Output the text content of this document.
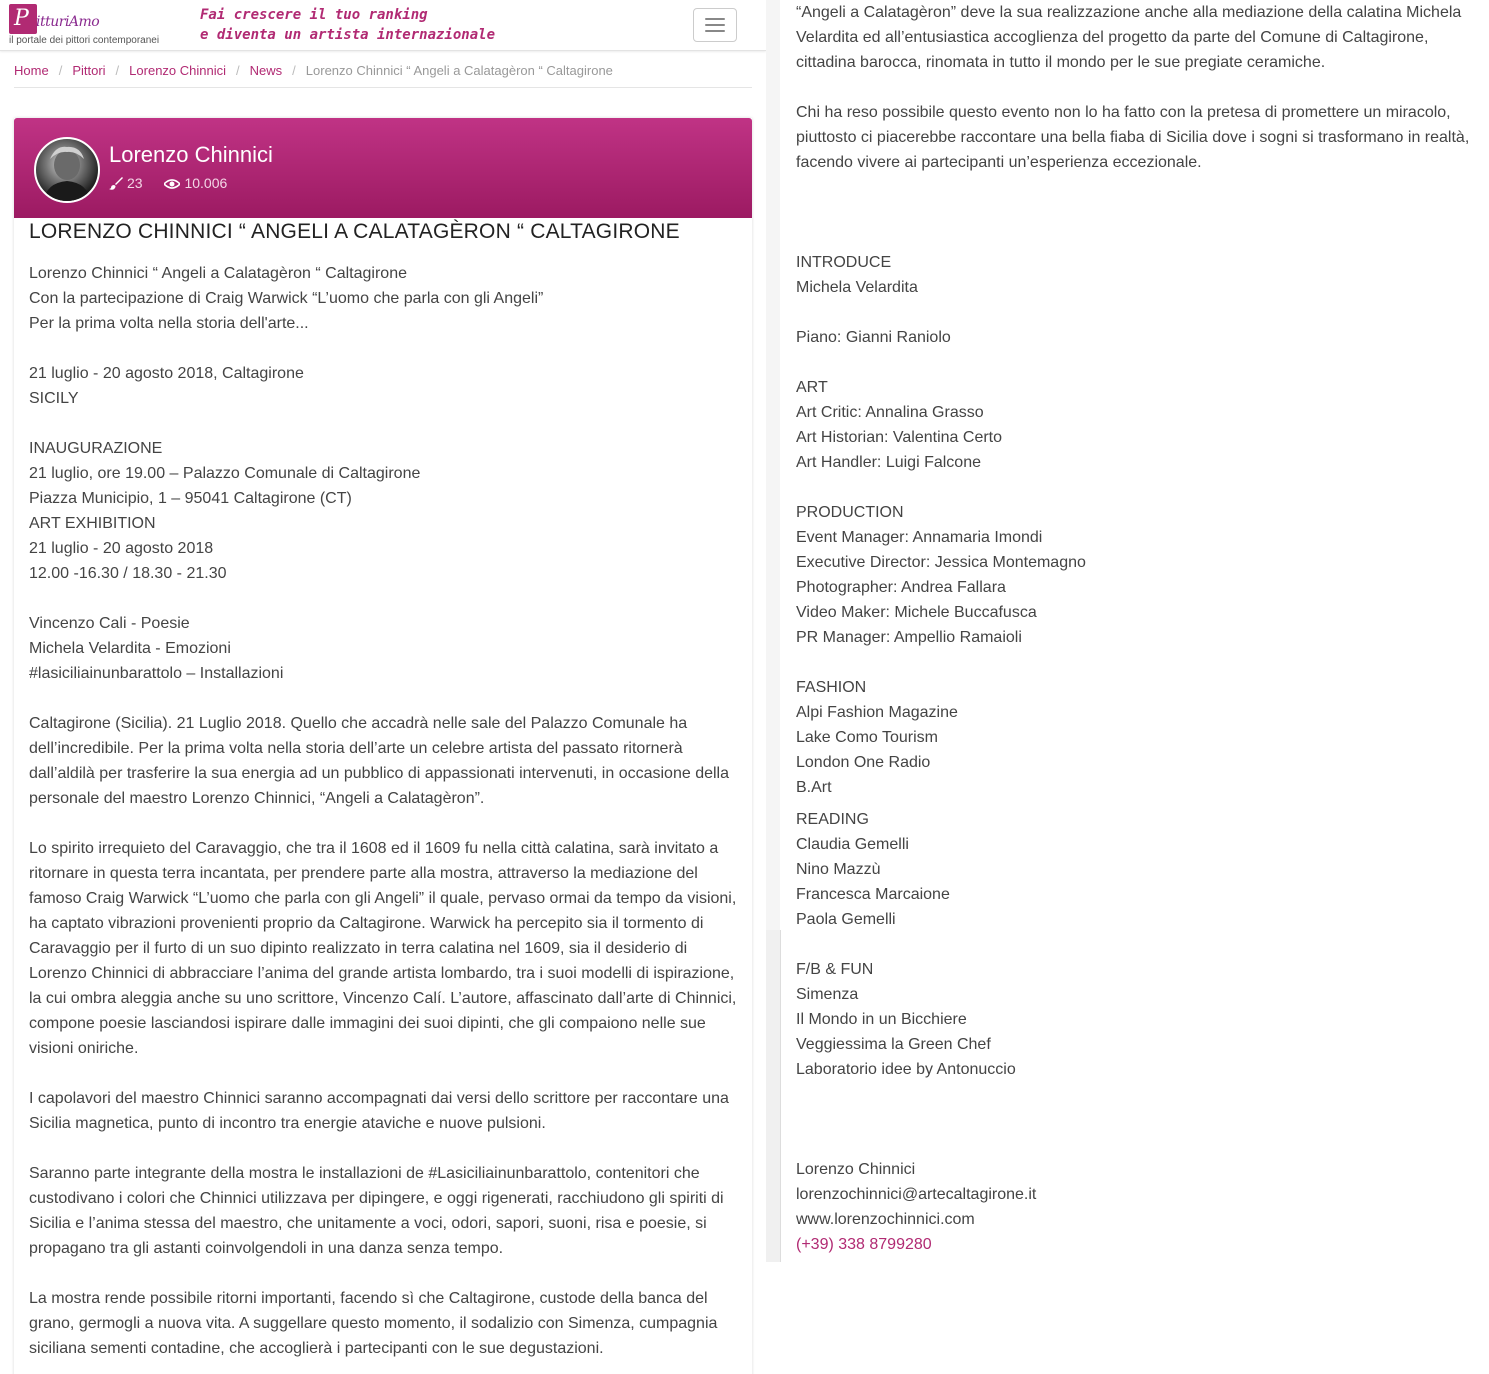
P itturiAmo
il portale dei pittori contemporanei
Fai crescere il tuo ranking
e diventa un artista internazionale
Home / Pittori / Lorenzo Chinnici / News / Lorenzo Chinnici “ Angeli a Calatagèron “ Caltagirone
Lorenzo Chinnici
23	10.006
LORENZO CHINNICI “ ANGELI A CALATAGÈRON “ CALTAGIRONE
Lorenzo Chinnici “ Angeli a Calatagèron “ Caltagirone
Con la partecipazione di Craig Warwick “L’uomo che parla con gli Angeli”
Per la prima volta nella storia dell'arte...
21 luglio - 20 agosto 2018, Caltagirone
SICILY
INAUGURAZIONE
21 luglio, ore 19.00 – Palazzo Comunale di Caltagirone
Piazza Municipio, 1 – 95041 Caltagirone (CT)
ART EXHIBITION
21 luglio - 20 agosto 2018
12.00 -16.30 / 18.30 - 21.30
Vincenzo Cali - Poesie
Michela Velardita - Emozioni
#lasiciliainunbarattolo – Installazioni
Caltagirone (Sicilia). 21 Luglio 2018. Quello che accadrà nelle sale del Palazzo Comunale ha dell’incredibile. Per la prima volta nella storia dell’arte un celebre artista del passato ritornerà dall’aldilà per trasferire la sua energia ad un pubblico di appassionati intervenuti, in occasione della personale del maestro Lorenzo Chinnici, “Angeli a Calatagèron”.
Lo spirito irrequieto del Caravaggio, che tra il 1608 ed il 1609 fu nella città calatina, sarà invitato a ritornare in questa terra incantata, per prendere parte alla mostra, attraverso la mediazione del famoso Craig Warwick “L’uomo che parla con gli Angeli” il quale, pervaso ormai da tempo da visioni, ha captato vibrazioni provenienti proprio da Caltagirone. Warwick ha percepito sia il tormento di Caravaggio per il furto di un suo dipinto realizzato in terra calatina nel 1609, sia il desiderio di Lorenzo Chinnici di abbracciare l’anima del grande artista lombardo, tra i suoi modelli di ispirazione, la cui ombra aleggia anche su uno scrittore, Vincenzo Calí. L’autore, affascinato dall’arte di Chinnici, compone poesie lasciandosi ispirare dalle immagini dei suoi dipinti, che gli compaiono nelle sue visioni oniriche.
I capolavori del maestro Chinnici saranno accompagnati dai versi dello scrittore per raccontare una Sicilia magnetica, punto di incontro tra energie ataviche e nuove pulsioni.
Saranno parte integrante della mostra le installazioni de #Lasiciliainunbarattolo, contenitori che custodivano i colori che Chinnici utilizzava per dipingere, e oggi rigenerati, racchiudono gli spiriti di Sicilia e l’anima stessa del maestro, che unitamente a voci, odori, sapori, suoni, risa e poesie, si propagano tra gli astanti coinvolgendoli in una danza senza tempo.
La mostra rende possibile ritorni importanti, facendo sì che Caltagirone, custode della banca del grano, germogli a nuova vita. A suggellare questo momento, il sodalizio con Simenza, cumpagnia siciliana sementi contadine, che accoglierà i partecipanti con le sue degustazioni.
“Angeli a Calatagèron” deve la sua realizzazione anche alla mediazione della calatina Michela Velardita ed all’entusiastica accoglienza del progetto da parte del Comune di Caltagirone, cittadina barocca, rinomata in tutto il mondo per le sue pregiate ceramiche.
Chi ha reso possibile questo evento non lo ha fatto con la pretesa di promettere un miracolo, piuttosto ci piacerebbe raccontare una bella fiaba di Sicilia dove i sogni si trasformano in realtà, facendo vivere ai partecipanti un’esperienza eccezionale.
INTRODUCE
Michela Velardita
Piano: Gianni Raniolo
ART
Art Critic: Annalina Grasso
Art Historian: Valentina Certo
Art Handler: Luigi Falcone
PRODUCTION
Event Manager: Annamaria Imondi
Executive Director: Jessica Montemagno
Photographer: Andrea Fallara
Video Maker: Michele Buccafusca
PR Manager: Ampellio Ramaioli
FASHION
Alpi Fashion Magazine
Lake Como Tourism
London One Radio
B.Art
READING
Claudia Gemelli
Nino Mazzù
Francesca Marcaione
Paola Gemelli
F/B & FUN
Simenza
Il Mondo in un Bicchiere
Veggiessima la Green Chef
Laboratorio idee by Antonuccio
Lorenzo Chinnici
lorenzochinnici@artecaltagirone.it
www.lorenzochinnici.com
(+39) 338 8799280
